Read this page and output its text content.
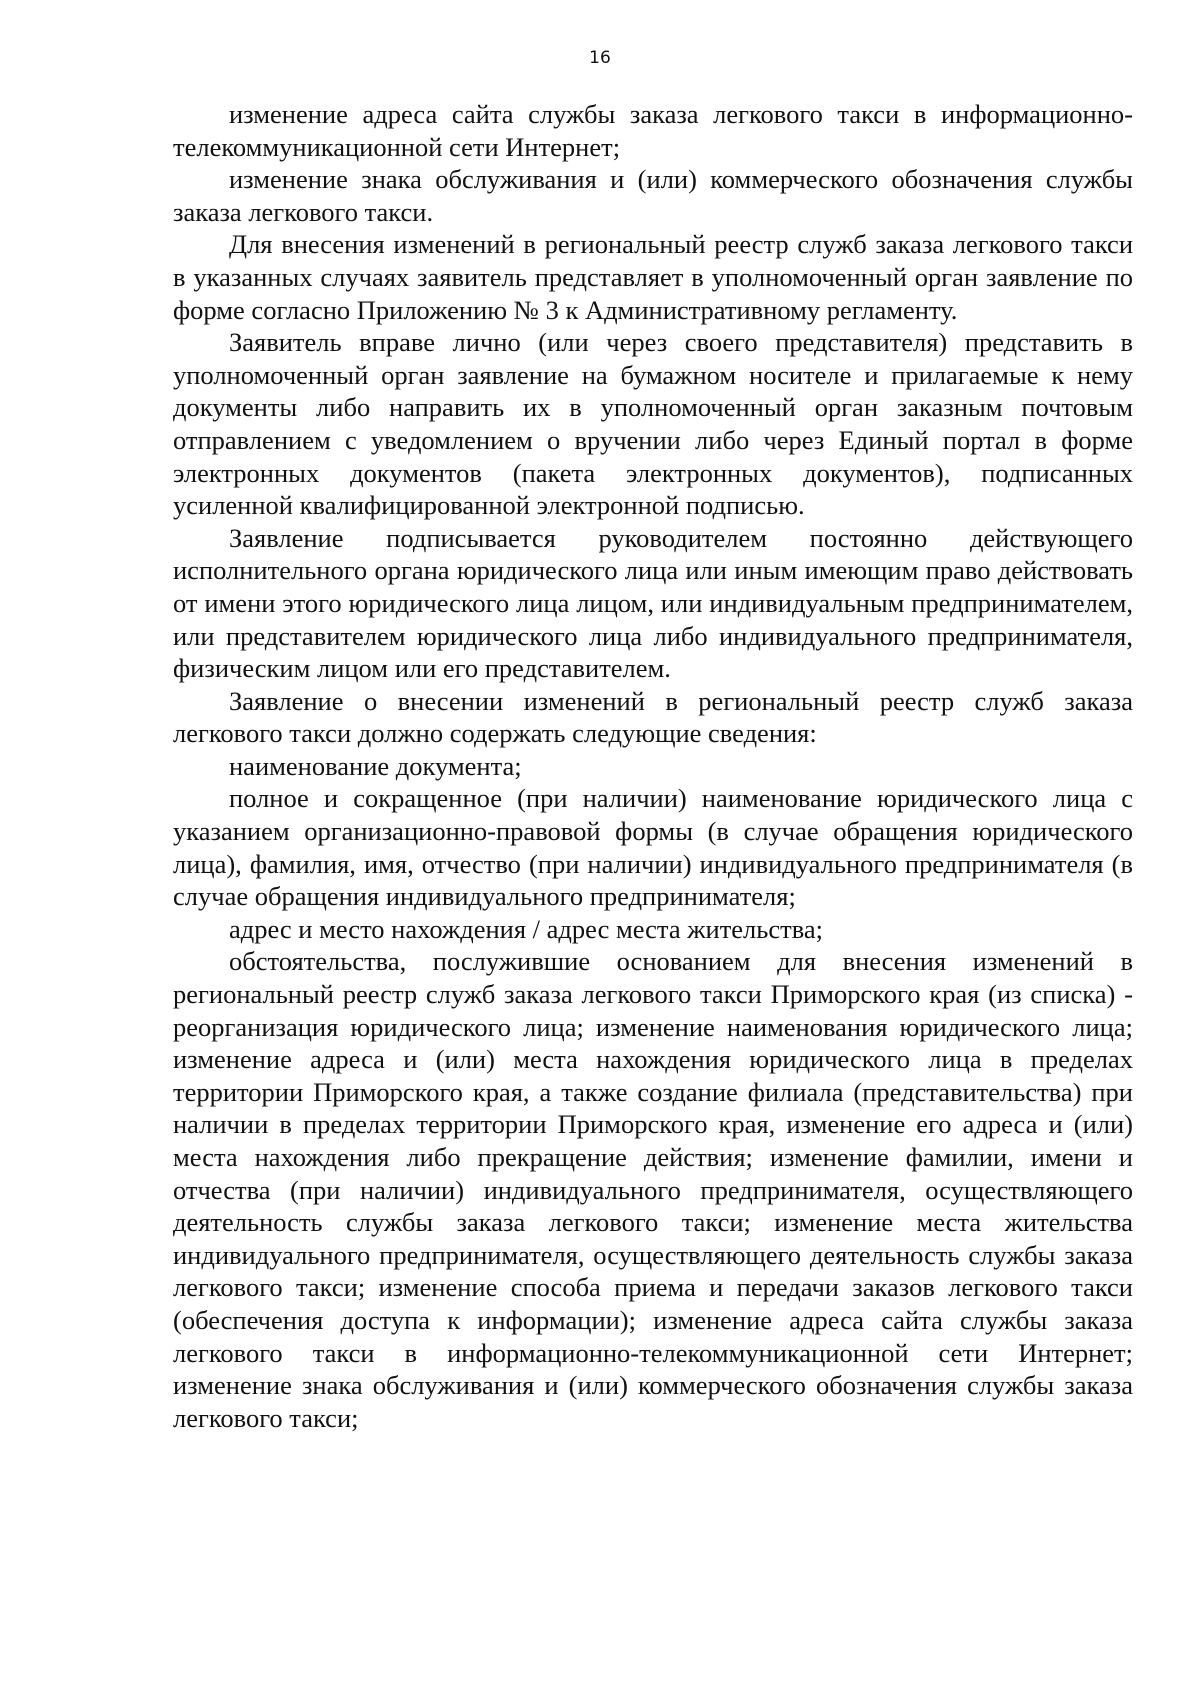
16

изменение адреса сайта службы заказа легкового такси в информационно-телекоммуникационной сети Интернет;

изменение знака обслуживания и (или) коммерческого обозначения службы заказа легкового такси.

Для внесения изменений в региональный реестр служб заказа легкового такси в указанных случаях заявитель представляет в уполномоченный орган заявление по форме согласно Приложению № 3 к Административному регламенту.

Заявитель вправе лично (или через своего представителя) представить в уполномоченный орган заявление на бумажном носителе и прилагаемые к нему документы либо направить их в уполномоченный орган заказным почтовым отправлением с уведомлением о вручении либо через Единый портал в форме электронных документов (пакета электронных документов), подписанных усиленной квалифицированной электронной подписью.

Заявление подписывается руководителем постоянно действующего исполнительного органа юридического лица или иным имеющим право действовать от имени этого юридического лица лицом, или индивидуальным предпринимателем, или представителем юридического лица либо индивидуального предпринимателя, физическим лицом или его представителем.

Заявление о внесении изменений в региональный реестр служб заказа легкового такси должно содержать следующие сведения:

наименование документа;

полное и сокращенное (при наличии) наименование юридического лица с указанием организационно-правовой формы (в случае обращения юридического лица), фамилия, имя, отчество (при наличии) индивидуального предпринимателя (в случае обращения индивидуального предпринимателя;

адрес и место нахождения / адрес места жительства;

обстоятельства, послужившие основанием для внесения изменений в региональный реестр служб заказа легкового такси Приморского края (из списка) - реорганизация юридического лица; изменение наименования юридического лица; изменение адреса и (или) места нахождения юридического лица в пределах территории Приморского края, а также создание филиала (представительства) при наличии в пределах территории Приморского края, изменение его адреса и (или) места нахождения либо прекращение действия; изменение фамилии, имени и отчества (при наличии) индивидуального предпринимателя, осуществляющего деятельность службы заказа легкового такси; изменение места жительства индивидуального предпринимателя, осуществляющего деятельность службы заказа легкового такси; изменение способа приема и передачи заказов легкового такси (обеспечения доступа к информации); изменение адреса сайта службы заказа легкового такси в информационно-телекоммуникационной сети Интернет; изменение знака обслуживания и (или) коммерческого обозначения службы заказа легкового такси;
